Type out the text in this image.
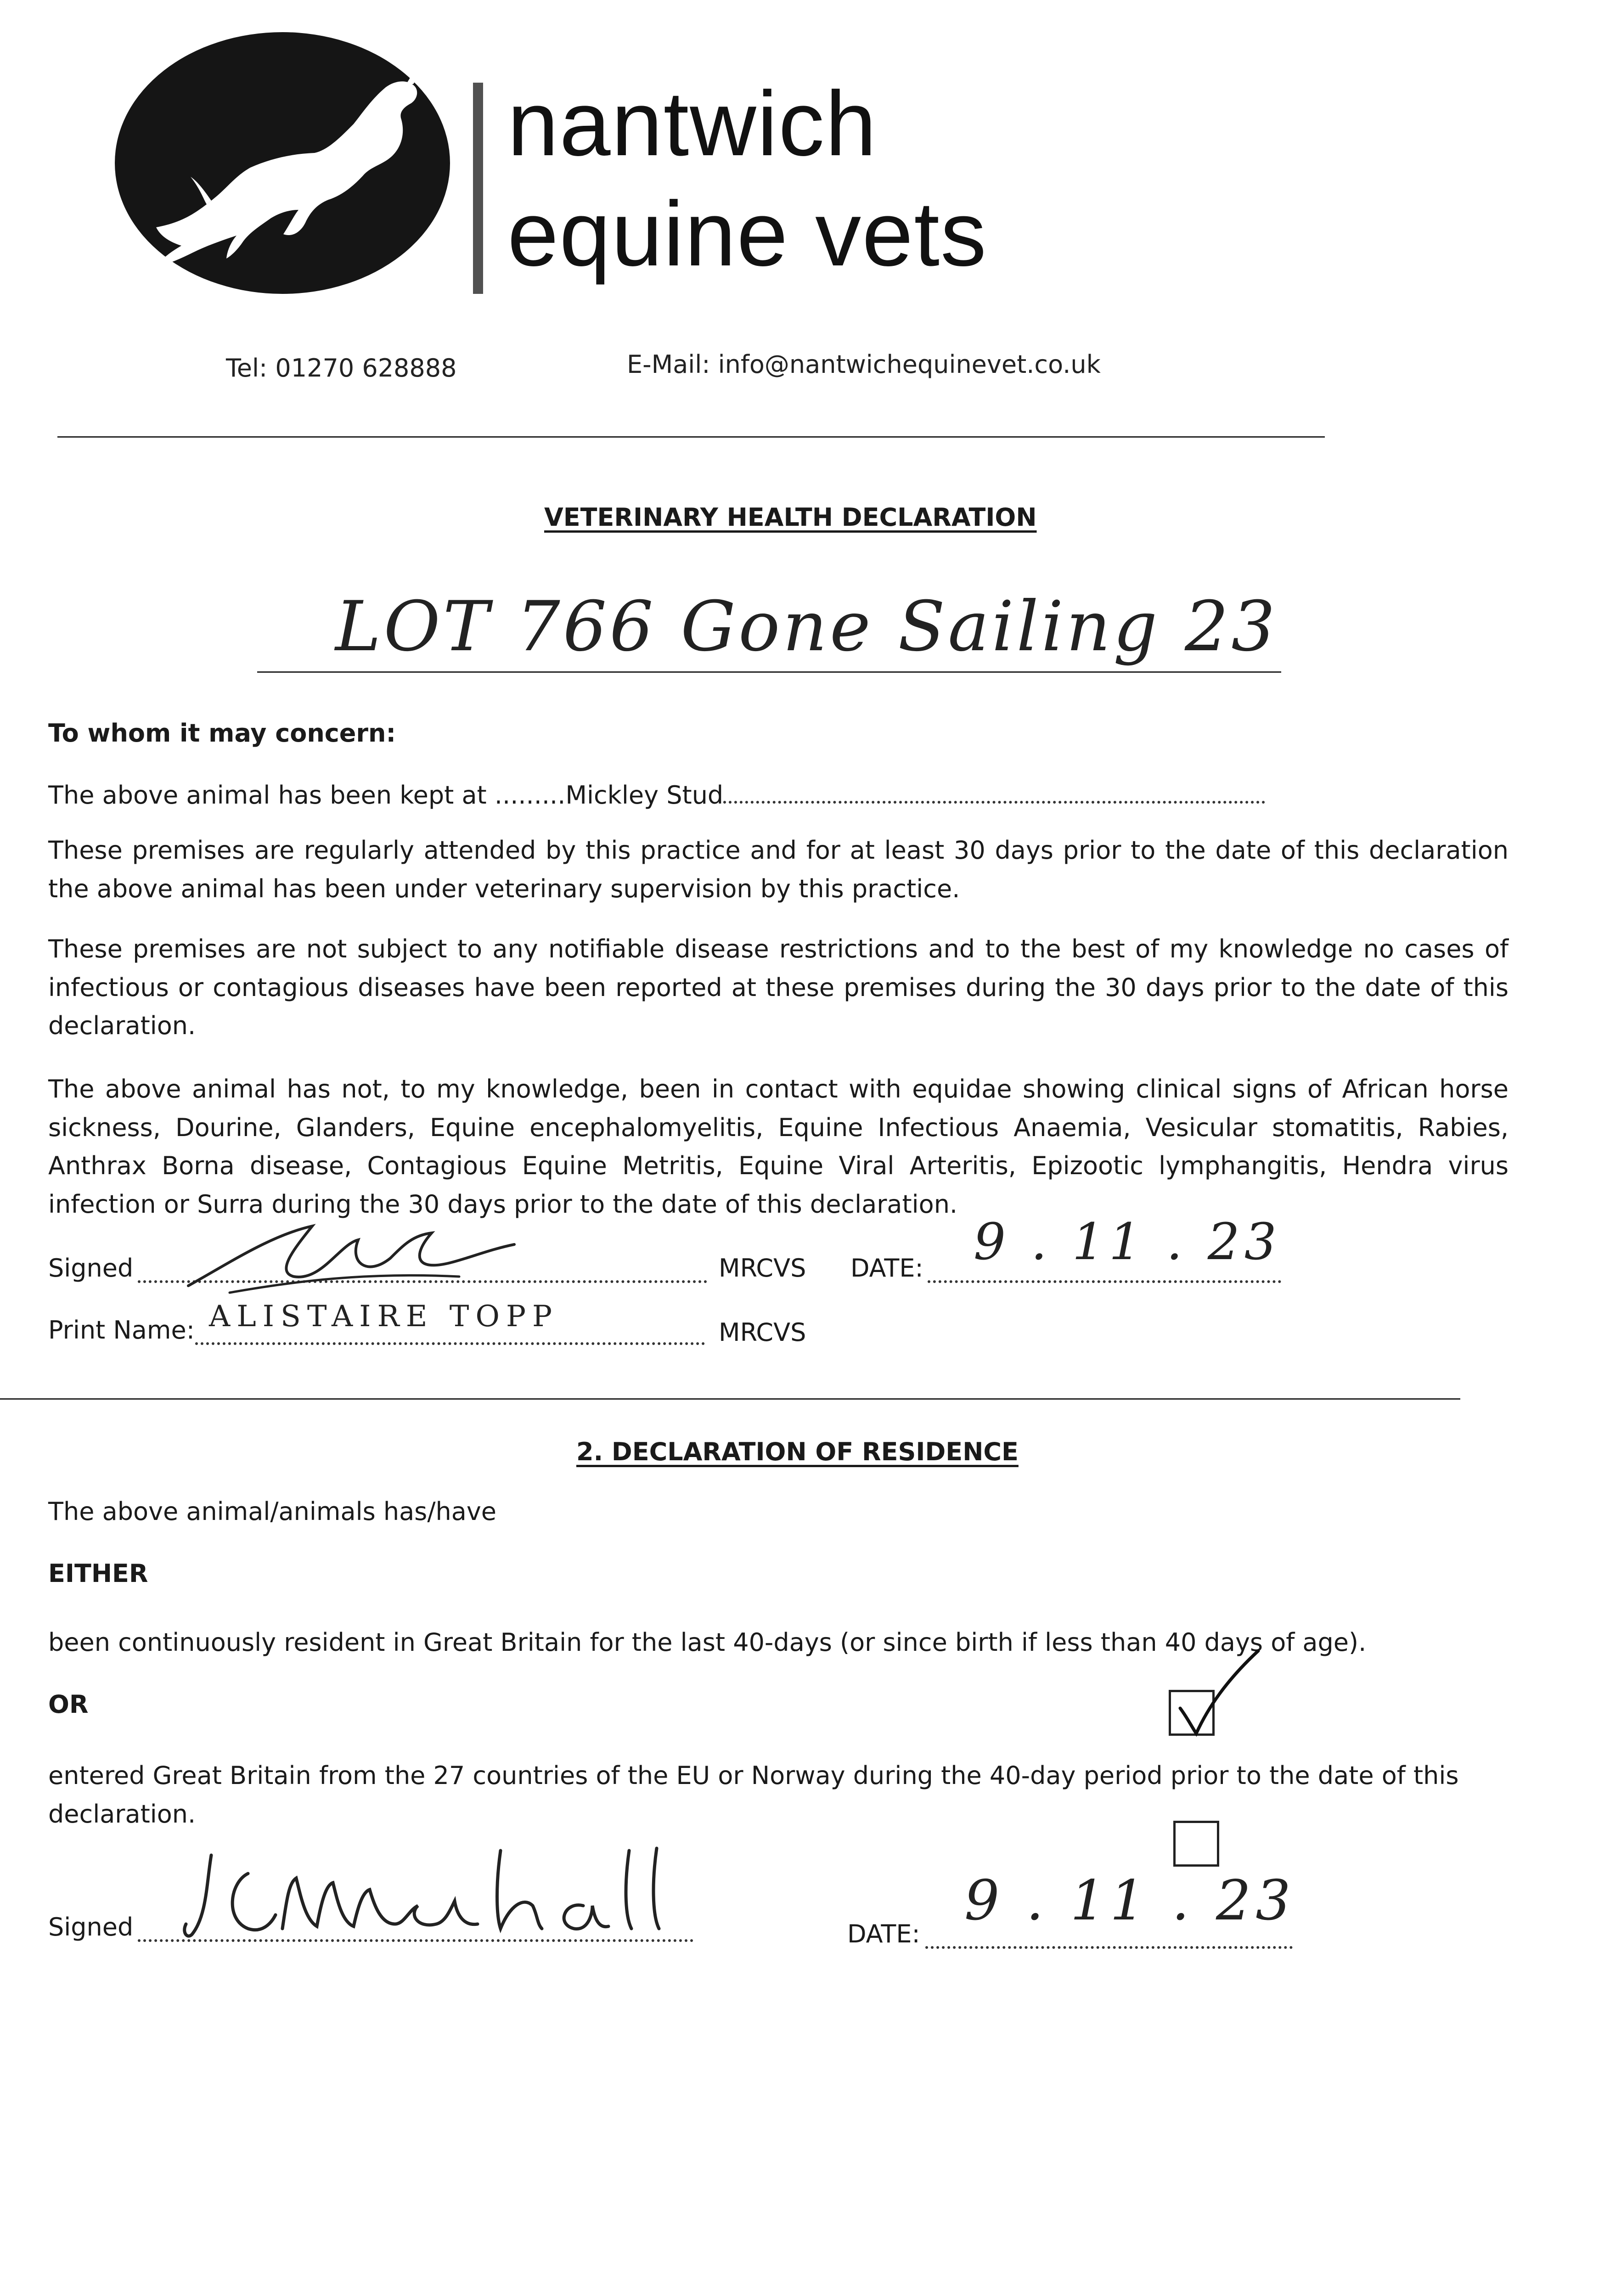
nantwich
equine vets
Tel: 01270 628888	E-Mail: info@nantwichequinevet.co.uk
VETERINARY HEALTH DECLARATION
LOT 766 Gone Sailing 23
To whom it may concern:
The above animal has been kept at .........Mickley Stud
These premises are regularly attended by this practice and for at least 30 days prior to the date of this declaration the above animal has been under veterinary supervision by this practice.
These premises are not subject to any notifiable disease restrictions and to the best of my knowledge no cases of infectious or contagious diseases have been reported at these premises during the 30 days prior to the date of this declaration.
The above animal has not, to my knowledge, been in contact with equidae showing clinical signs of African horse sickness, Dourine, Glanders, Equine encephalomyelitis, Equine Infectious Anaemia, Vesicular stomatitis, Rabies, Anthrax Borna disease, Contagious Equine Metritis, Equine Viral Arteritis, Epizootic lymphangitis, Hendra virus infection or Surra during the 30 days prior to the date of this declaration.
Signed	MRCVS DATE: 9 . 11 . 23
Print Name: ALISTAIRE TOPP	MRCVS
2. DECLARATION OF RESIDENCE
The above animal/animals has/have
EITHER
been continuously resident in Great Britain for the last 40-days (or since birth if less than 40 days of age).
OR
entered Great Britain from the 27 countries of the EU or Norway during the 40-day period prior to the date of this declaration.
Signed	DATE:
9 . 11 . 23
